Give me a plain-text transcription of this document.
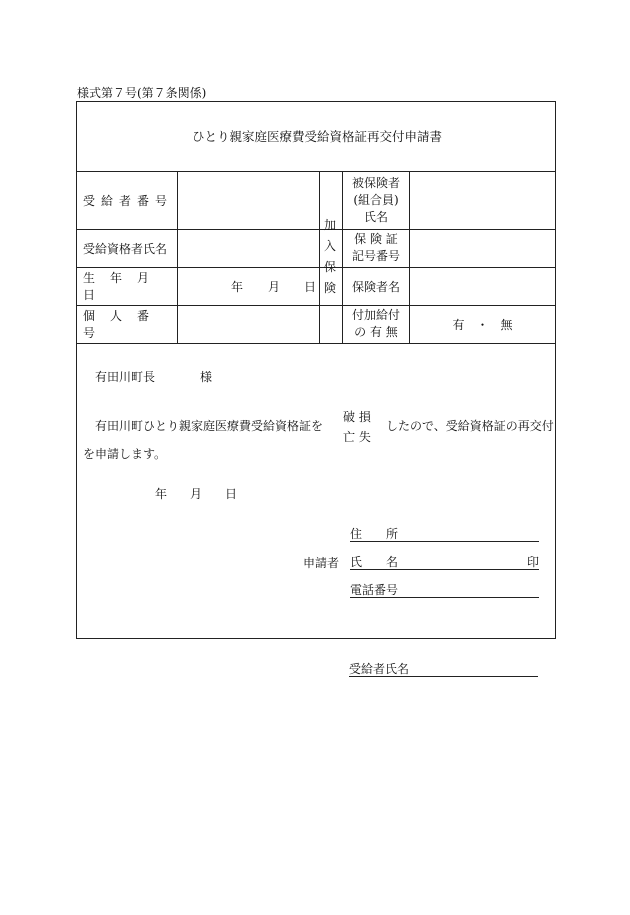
様式第７号(第７条関係)
ひとり親家庭医療費受給資格証再交付申請書
受給者番号
受給資格者氏名
生年月日
個人番号
年 月 日
加
入
保
険
被保険者
(組合員)
氏名
保 険 証
記号番号
保険者名
付加給付
の 有 無
有　・　無
有田川町長	様
有田川町ひとり親家庭医療費受給資格証を
破 損
亡 失
したので、受給資格証の再交付
を申請します。
年 月 日
申請者
住　　所
氏　　名	印
電話番号
受給者氏名
